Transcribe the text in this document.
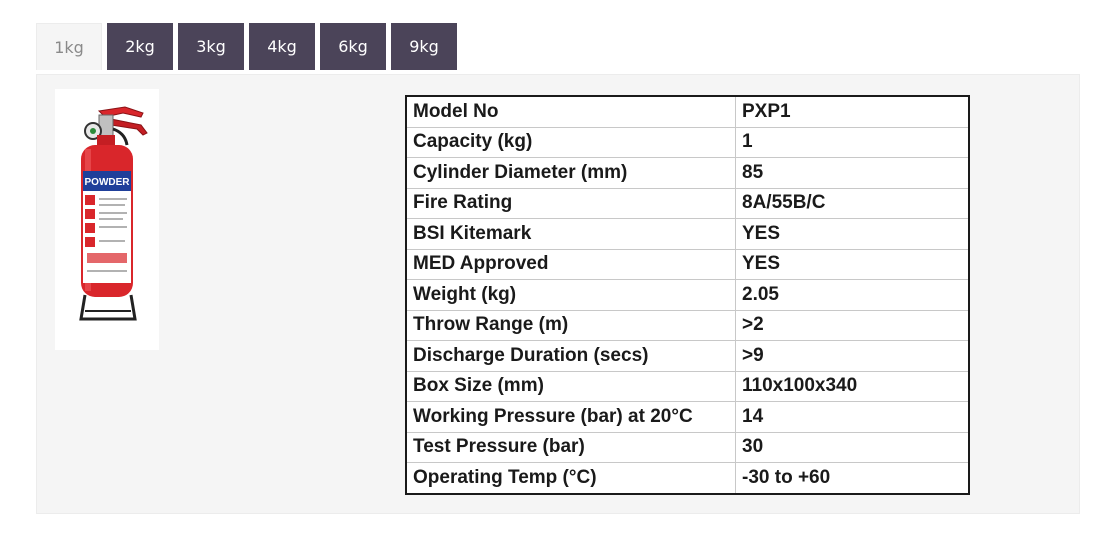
1kg	2kg	3kg	4kg	6kg	9kg
POWDER
Model No	PXP1
Capacity (kg)	1
Cylinder Diameter (mm)	85
Fire Rating	8A/55B/C
BSI Kitemark	YES
MED Approved	YES
Weight (kg)	2.05
Throw Range (m)	>2
Discharge Duration (secs)	>9
Box Size (mm)	110x100x340
Working Pressure (bar) at 20°C	14
Test Pressure (bar)	30
Operating Temp (°C)	-30 to +60
